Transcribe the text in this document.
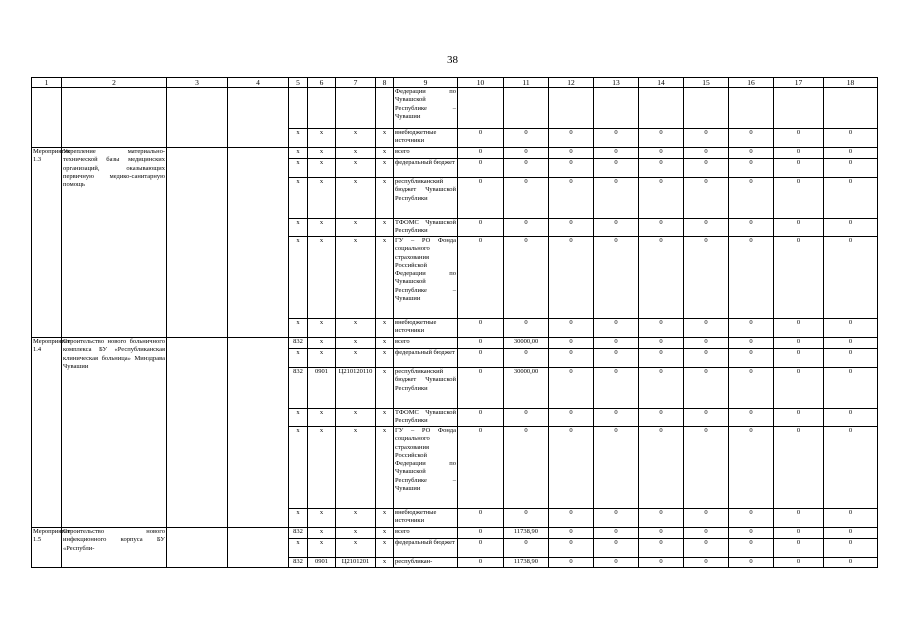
38
1	2	3	4	5	6	7	8	9	10	11	12	13	14	15	16	17	18
								Федерации по Чувашской Республике – Чувашии									
				х	х	х	х	внебюджетные источники	0	0	0	0	0	0	0	0	0
Мероприятие 1.3	Укрепление материально-технической базы медицинских организаций, оказывающих первичную медико-санитарную помощь			х	х	х	х	всего	0	0	0	0	0	0	0	0	0
				х	х	х	х	федеральный бюджет	0	0	0	0	0	0	0	0	0
				х	х	х	х	республиканский бюджет Чувашской Республики	0	0	0	0	0	0	0	0	0
				х	х	х	х	ТФОМС Чувашской Республики	0	0	0	0	0	0	0	0	0
				х	х	х	х	ГУ – РО Фонда социального страхования Российской Федерации по Чувашской Республике – Чувашии	0	0	0	0	0	0	0	0	0
				х	х	х	х	внебюджетные источники	0	0	0	0	0	0	0	0	0
Мероприятие 1.4	Строительство нового больничного комплекса БУ «Республиканская клиническая больница» Минздрава Чувашии			832	х	х	х	всего	0	30000,00	0	0	0	0	0	0	0
				х	х	х	х	федеральный бюджет	0	0	0	0	0	0	0	0	0
				832	0901	Ц210120110	х	республиканский бюджет Чувашской Республики	0	30000,00	0	0	0	0	0	0	0
				х	х	х	х	ТФОМС Чувашской Республики	0	0	0	0	0	0	0	0	0
				х	х	х	х	ГУ – РО Фонда социального страхования Российской Федерации по Чувашской Республике – Чувашии	0	0	0	0	0	0	0	0	0
				х	х	х	х	внебюджетные источники	0	0	0	0	0	0	0	0	0
Мероприятие 1.5	Строительство нового инфекционного корпуса БУ «Республи-			832	х	х	х	всего	0	11738,90	0	0	0	0	0	0	0
				х	х	х	х	федеральный бюджет	0	0	0	0	0	0	0	0	0
				832	0901	Ц2101201	х	республикан-	0	11738,90	0	0	0	0	0	0	0
